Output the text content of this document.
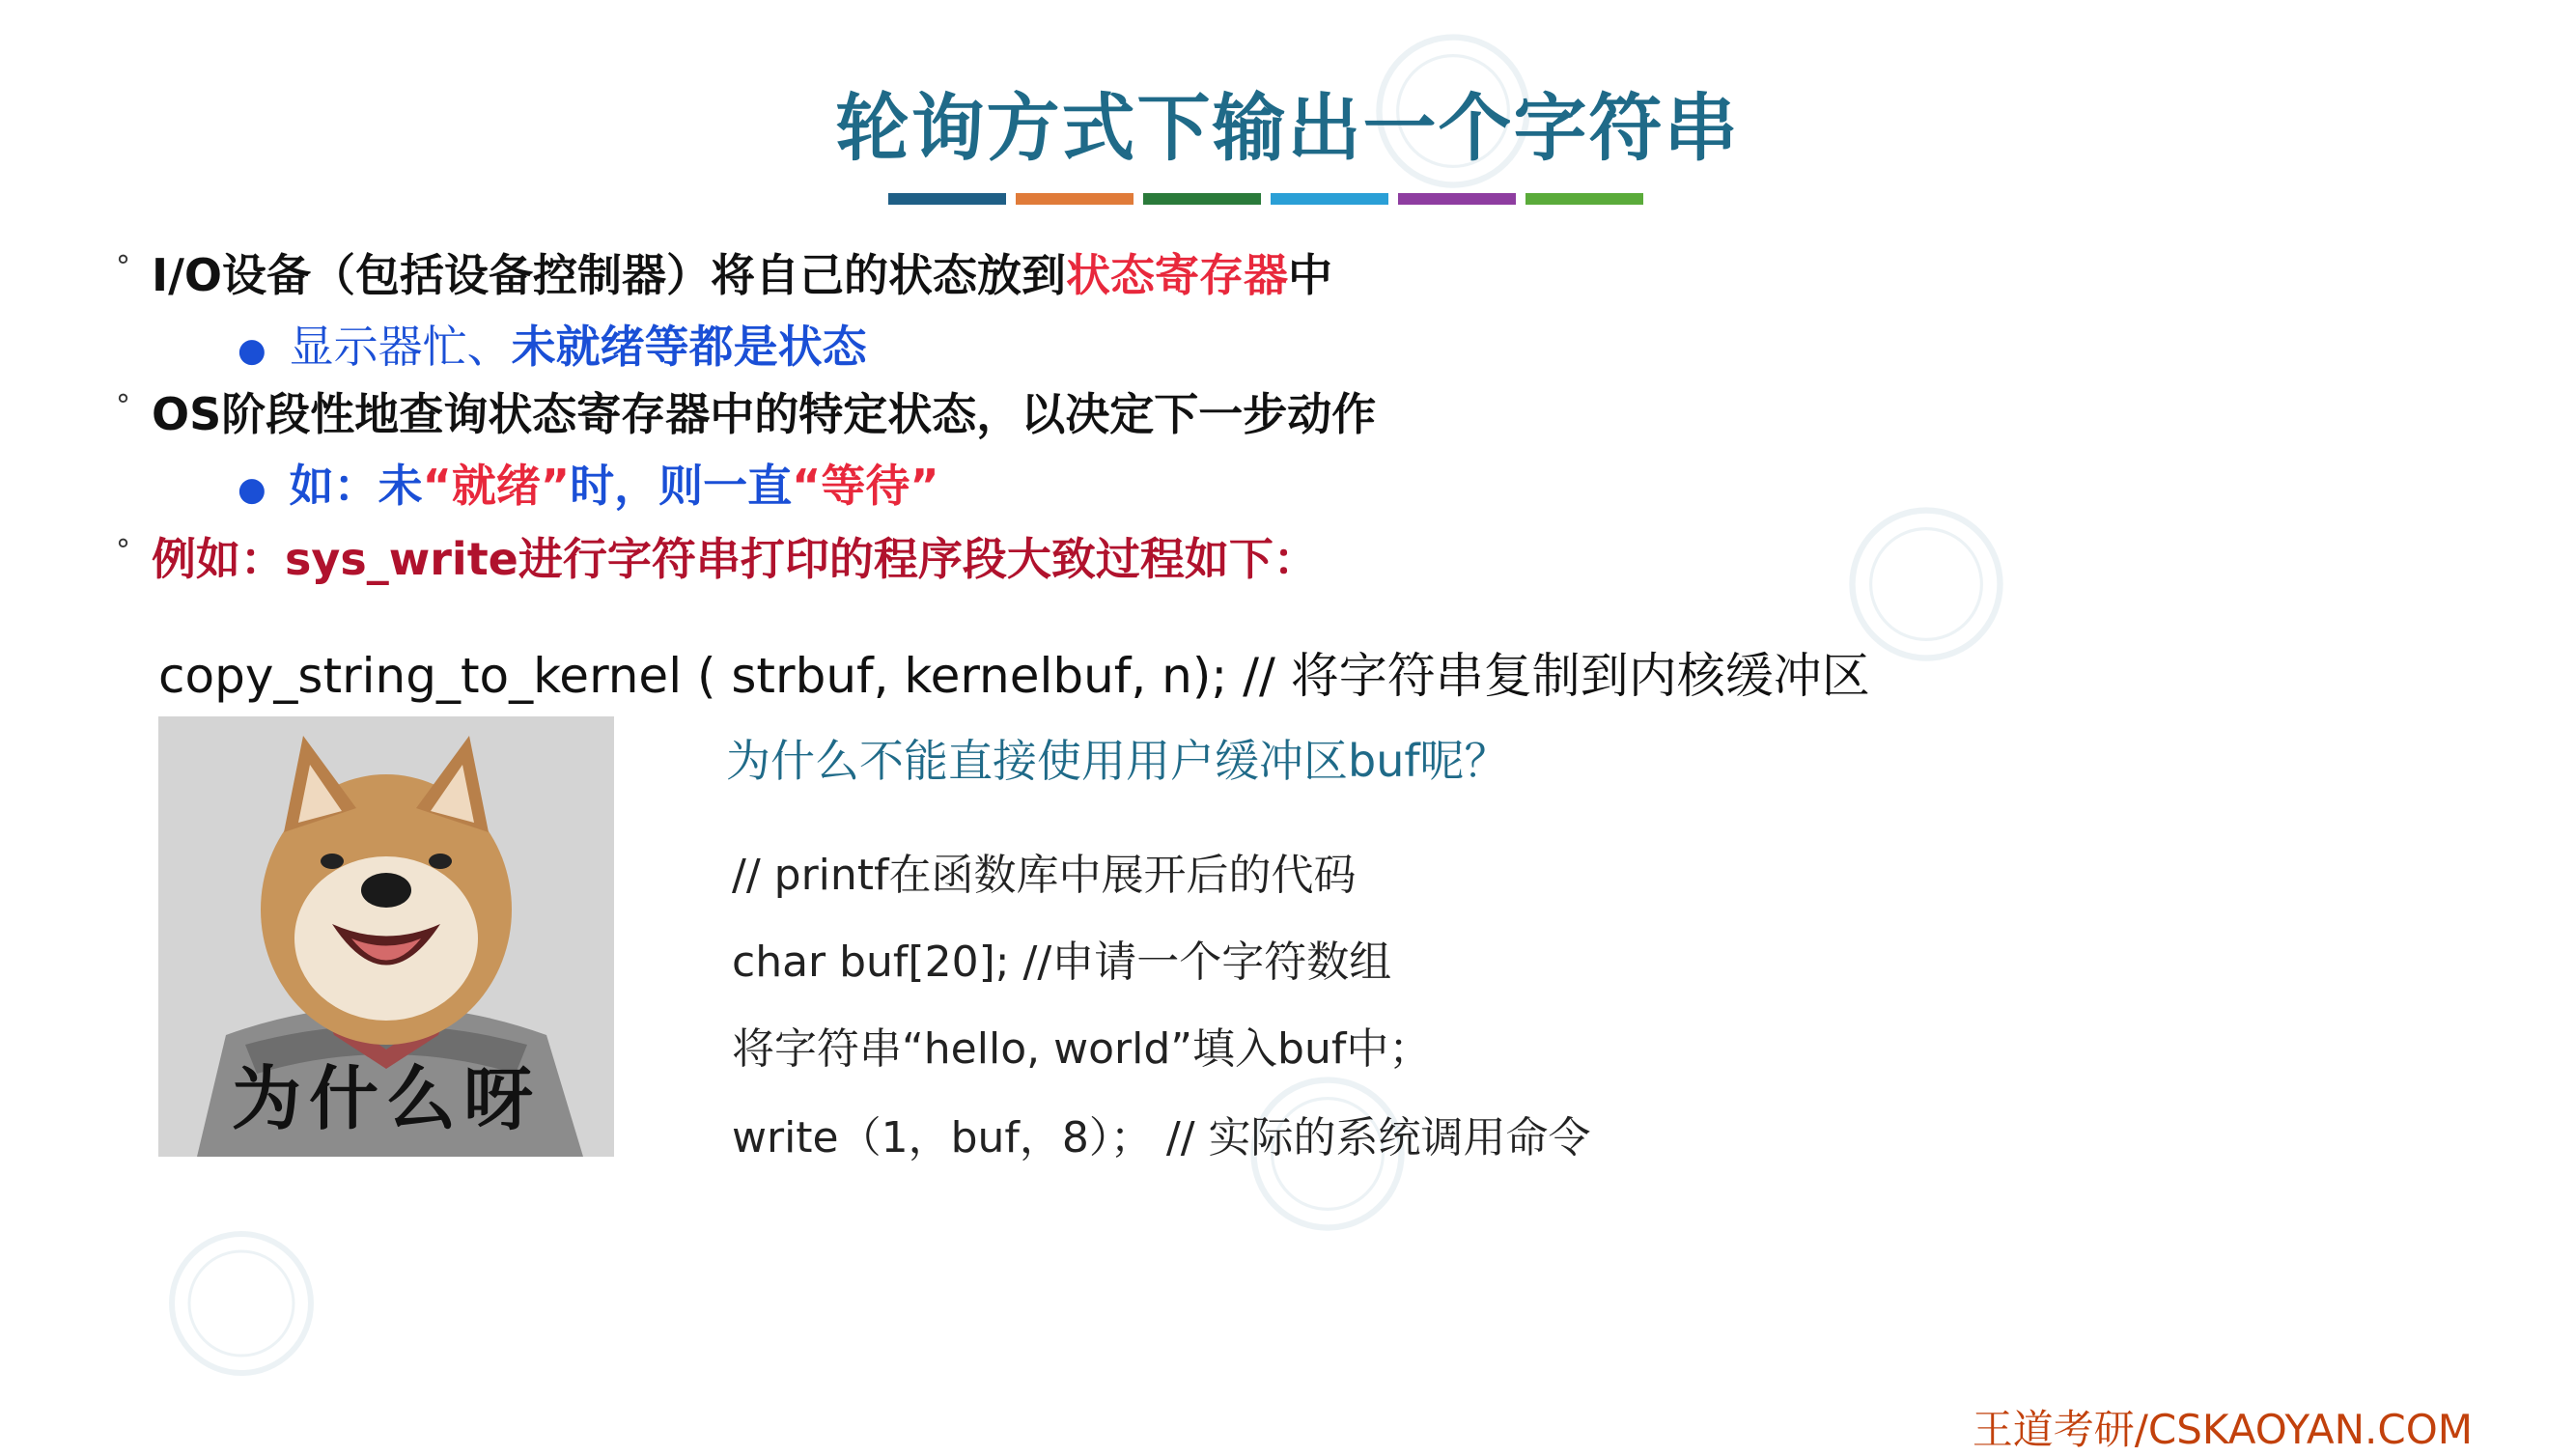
轮询方式下输出一个字符串
° I/O设备（包括设备控制器）将自己的状态放到状态寄存器中
● 显示器忙、未就绪等都是状态
° OS阶段性地查询状态寄存器中的特定状态，以决定下一步动作
● 如：未“就绪”时，则一直“等待”
° 例如：sys_write进行字符串打印的程序段大致过程如下：
copy_string_to_kernel ( strbuf, kernelbuf, n); // 将字符串复制到内核缓冲区
为什么呀
为什么不能直接使用用户缓冲区buf呢？
// printf在函数库中展开后的代码
char buf[20]; //申请一个字符数组
将字符串“hello, world”填入buf中；
write（1，buf，8）； // 实际的系统调用命令
王道考研/CSKAOYAN.COM
